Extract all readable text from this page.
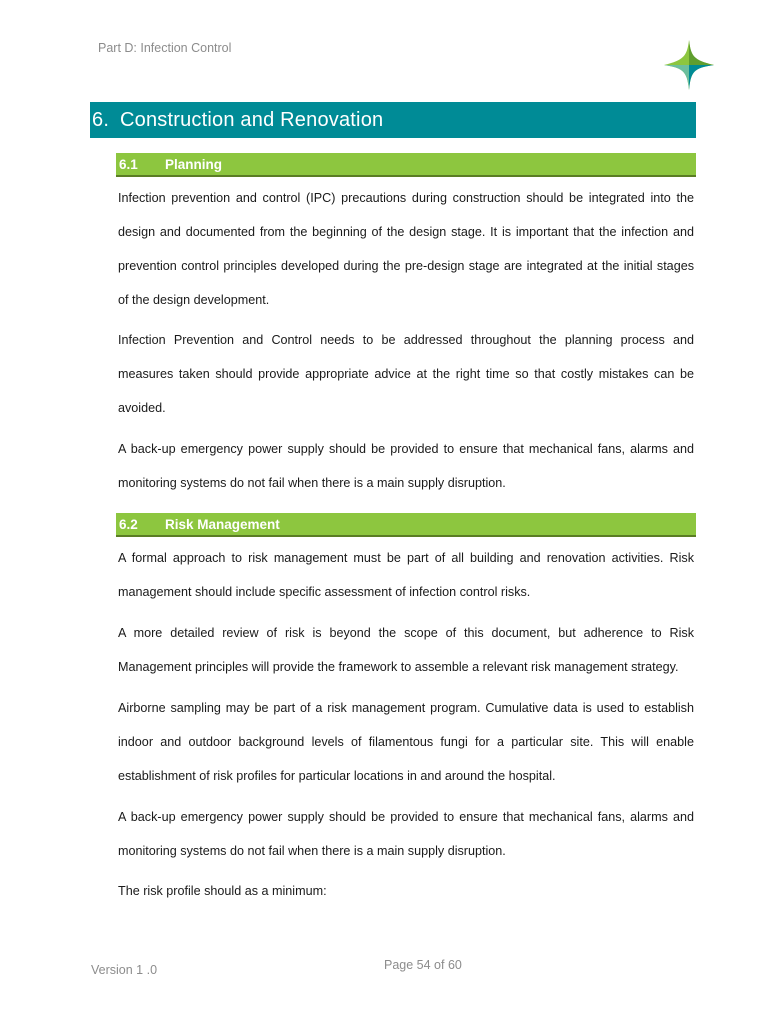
Part D: Infection Control
6. Construction and Renovation
6.1	Planning

Infection prevention and control (IPC) precautions during construction should be integrated into the design and documented from the beginning of the design stage. It is important that the infection and prevention control principles developed during the pre-design stage are integrated at the initial stages of the design development.

Infection Prevention and Control needs to be addressed throughout the planning process and measures taken should provide appropriate advice at the right time so that costly mistakes can be avoided.

A back-up emergency power supply should be provided to ensure that mechanical fans, alarms and monitoring systems do not fail when there is a main supply disruption.

6.2	Risk Management

A formal approach to risk management must be part of all building and renovation activities. Risk management should include specific assessment of infection control risks.

A more detailed review of risk is beyond the scope of this document, but adherence to Risk Management principles will provide the framework to assemble a relevant risk management strategy.

Airborne sampling may be part of a risk management program. Cumulative data is used to establish indoor and outdoor background levels of filamentous fungi for a particular site. This will enable establishment of risk profiles for particular locations in and around the hospital.

A back-up emergency power supply should be provided to ensure that mechanical fans, alarms and monitoring systems do not fail when there is a main supply disruption.

The risk profile should as a minimum:

Version 1 .0	Page 54 of 60
